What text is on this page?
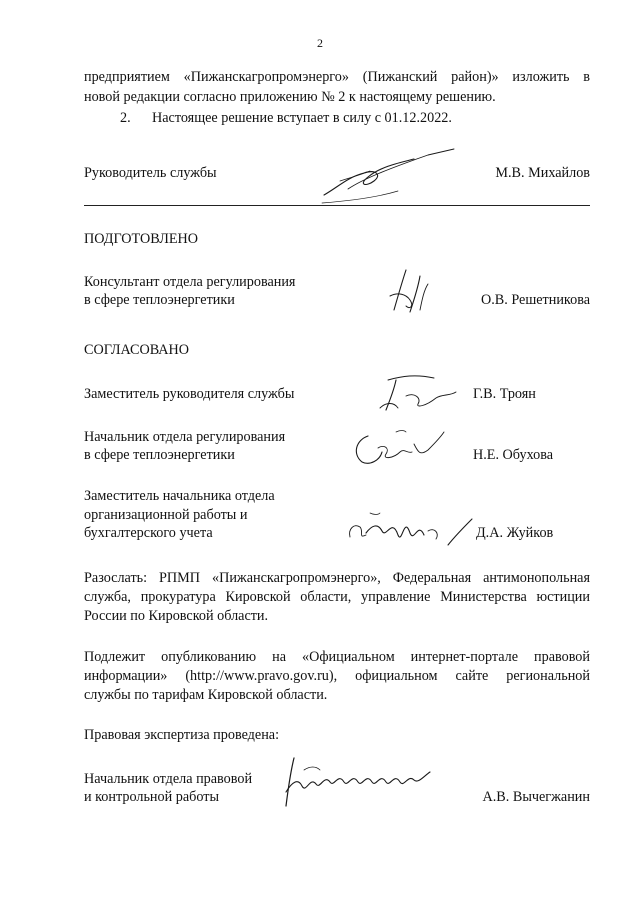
2
предприятием «Пижанскагропромэнерго» (Пижанский район)» изложить в
новой редакции согласно приложению № 2 к настоящему решению.
2. Настоящее решение вступает в силу с 01.12.2022.
Руководитель службы	М.В. Михайлов
ПОДГОТОВЛЕНО
Консультант отдела регулирования
в сфере теплоэнергетики	О.В. Решетникова
СОГЛАСОВАНО
Заместитель руководителя службы	Г.В. Троян
Начальник отдела регулирования
в сфере теплоэнергетики	Н.Е. Обухова
Заместитель начальника отдела
организационной работы и
бухгалтерского учета	Д.А. Жуйков
Разослать: РПМП «Пижанскагропромэнерго», Федеральная антимонопольная
служба, прокуратура Кировской области, управление Министерства юстиции
России по Кировской области.
Подлежит опубликованию на «Официальном интернет-портале правовой
информации» (http://www.pravo.gov.ru), официальном сайте региональной
службы по тарифам Кировской области.
Правовая экспертиза проведена:
Начальник отдела правовой
и контрольной работы	А.В. Вычегжанин
